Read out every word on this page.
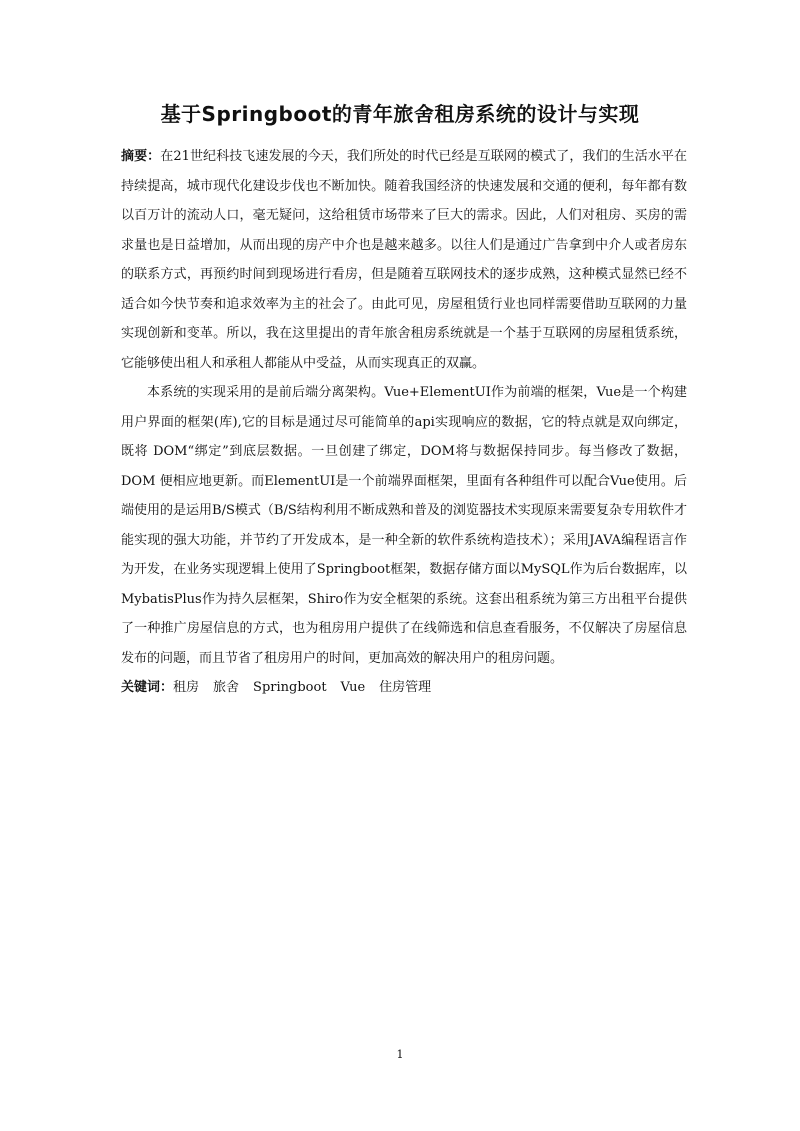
基于Springboot的青年旅舍租房系统的设计与实现

摘要：在21世纪科技飞速发展的今天，我们所处的时代已经是互联网的模式了，我们的生活水平在持续提高，城市现代化建设步伐也不断加快。随着我国经济的快速发展和交通的便利，每年都有数以百万计的流动人口，毫无疑问，这给租赁市场带来了巨大的需求。因此，人们对租房、买房的需求量也是日益增加，从而出现的房产中介也是越来越多。以往人们是通过广告拿到中介人或者房东的联系方式，再预约时间到现场进行看房，但是随着互联网技术的逐步成熟，这种模式显然已经不适合如今快节奏和追求效率为主的社会了。由此可见，房屋租赁行业也同样需要借助互联网的力量实现创新和变革。所以，我在这里提出的青年旅舍租房系统就是一个基于互联网的房屋租赁系统，它能够使出租人和承租人都能从中受益，从而实现真正的双赢。

本系统的实现采用的是前后端分离架构。Vue+ElementUI作为前端的框架，Vue是一个构建用户界面的框架(库),它的目标是通过尽可能简单的api实现响应的数据，它的特点就是双向绑定，既将 DOM“绑定”到底层数据。一旦创建了绑定，DOM将与数据保持同步。每当修改了数据，DOM 便相应地更新。而ElementUI是一个前端界面框架，里面有各种组件可以配合Vue使用。后端使用的是运用B/S模式（B/S结构利用不断成熟和普及的浏览器技术实现原来需要复杂专用软件才能实现的强大功能，并节约了开发成本，是一种全新的软件系统构造技术）；采用JAVA编程语言作为开发，在业务实现逻辑上使用了Springboot框架，数据存储方面以MySQL作为后台数据库，以MybatisPlus作为持久层框架，Shiro作为安全框架的系统。这套出租系统为第三方出租平台提供了一种推广房屋信息的方式，也为租房用户提供了在线筛选和信息查看服务，不仅解决了房屋信息发布的问题，而且节省了租房用户的时间，更加高效的解决用户的租房问题。

关键词：租房 旅舍 Springboot Vue 住房管理

1
